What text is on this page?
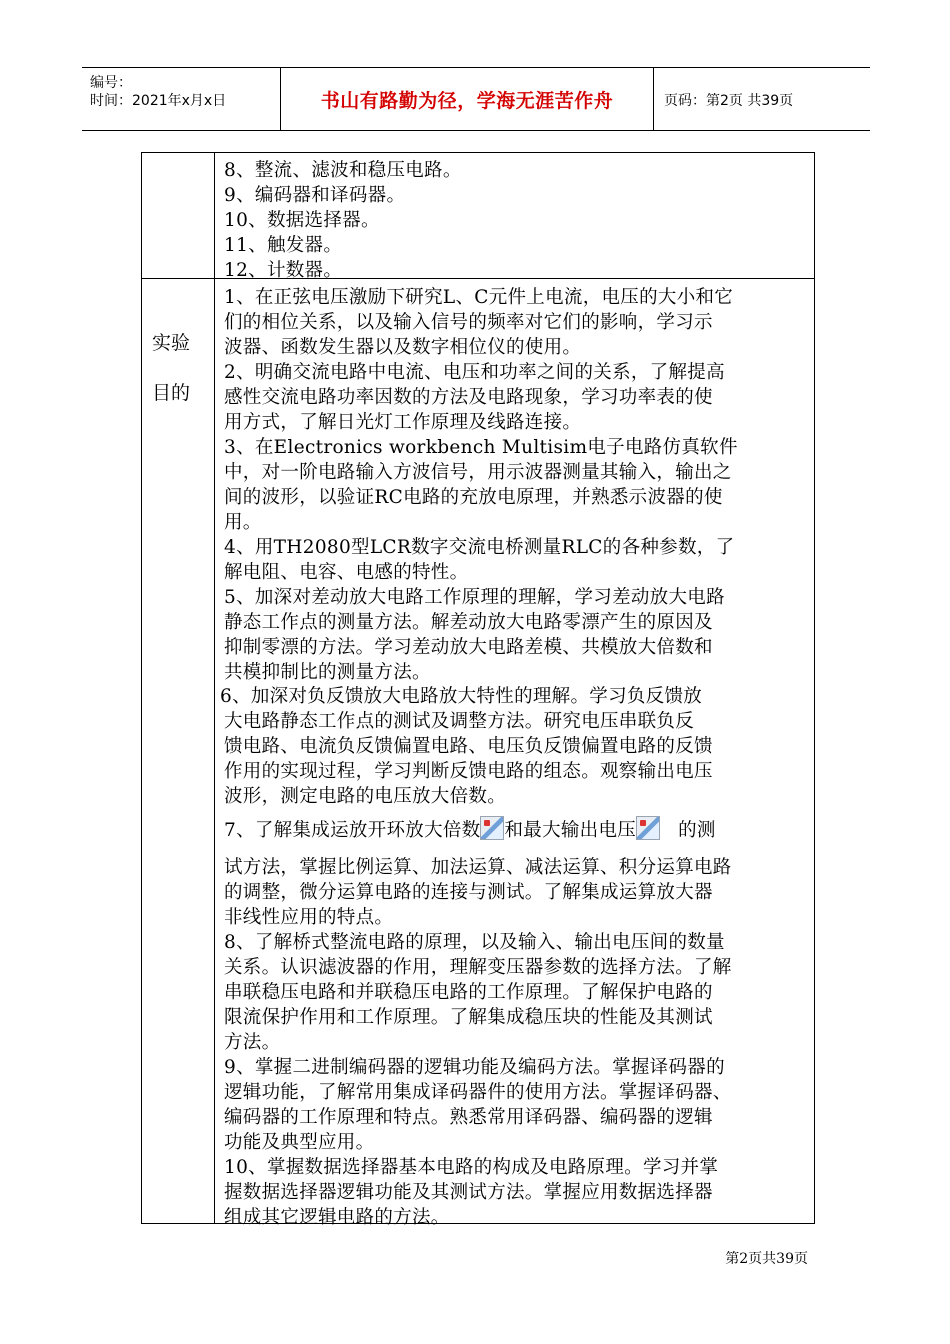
编号：
时间：2021年x月x日	书山有路勤为径，学海无涯苦作舟	页码：第2页 共39页
实验
目的
8、整流、滤波和稳压电路。
9、编码器和译码器。
10、数据选择器。
11、触发器。
12、计数器。
1、在正弦电压激励下研究L、C元件上电流，电压的大小和它
们的相位关系，以及输入信号的频率对它们的影响，学习示
波器、函数发生器以及数字相位仪的使用。
2、明确交流电路中电流、电压和功率之间的关系，了解提高
感性交流电路功率因数的方法及电路现象，学习功率表的使
用方式，了解日光灯工作原理及线路连接。
3、在Electronics workbench Multisim电子电路仿真软件
中，对一阶电路输入方波信号，用示波器测量其输入，输出之
间的波形，以验证RC电路的充放电原理，并熟悉示波器的使
用。
4、用TH2080型LCR数字交流电桥测量RLC的各种参数，了
解电阻、电容、电感的特性。
5、加深对差动放大电路工作原理的理解，学习差动放大电路
静态工作点的测量方法。解差动放大电路零漂产生的原因及
抑制零漂的方法。学习差动放大电路差模、共模放大倍数和
共模抑制比的测量方法。
6、加深对负反馈放大电路放大特性的理解。学习负反馈放
大电路静态工作点的测试及调整方法。研究电压串联负反
馈电路、电流负反馈偏置电路、电压负反馈偏置电路的反馈
作用的实现过程，学习判断反馈电路的组态。观察输出电压
波形，测定电路的电压放大倍数。
7、了解集成运放开环放大倍数 和最大输出电压 的测
试方法，掌握比例运算、加法运算、减法运算、积分运算电路
的调整，微分运算电路的连接与测试。了解集成运算放大器
非线性应用的特点。
8、了解桥式整流电路的原理，以及输入、输出电压间的数量
关系。认识滤波器的作用，理解变压器参数的选择方法。了解
串联稳压电路和并联稳压电路的工作原理。了解保护电路的
限流保护作用和工作原理。了解集成稳压块的性能及其测试
方法。
9、掌握二进制编码器的逻辑功能及编码方法。掌握译码器的
逻辑功能，了解常用集成译码器件的使用方法。掌握译码器、
编码器的工作原理和特点。熟悉常用译码器、编码器的逻辑
功能及典型应用。
10、掌握数据选择器基本电路的构成及电路原理。学习并掌
握数据选择器逻辑功能及其测试方法。掌握应用数据选择器
组成其它逻辑电路的方法。
第2页共39页
